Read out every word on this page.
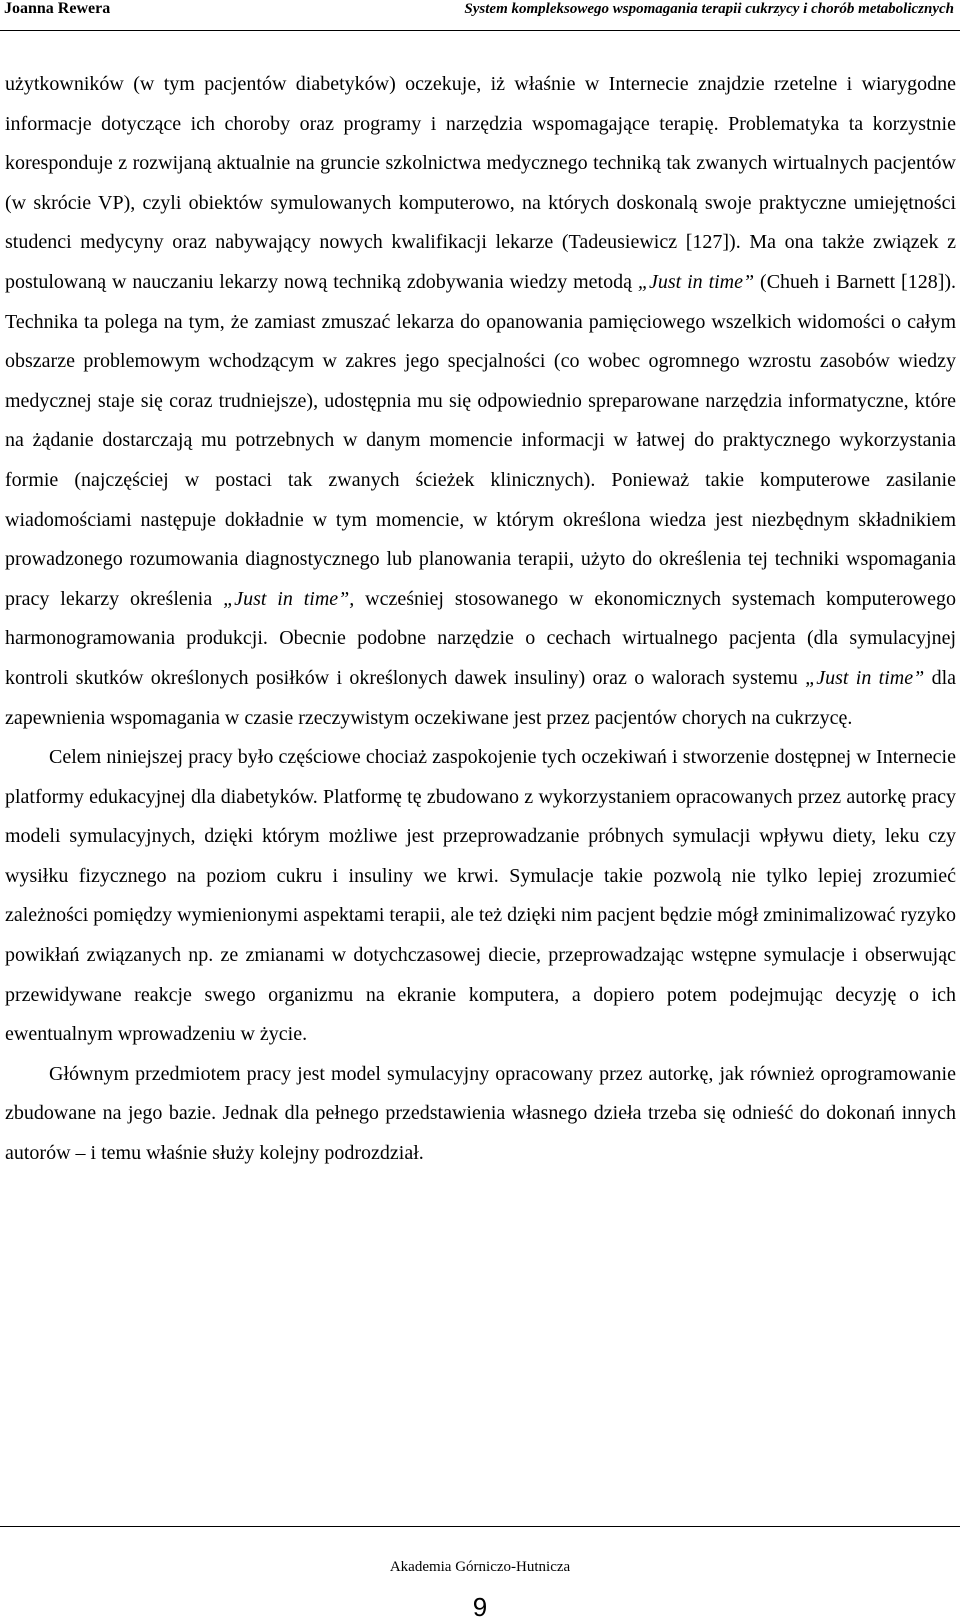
Joanna Rewera	System kompleksowego wspomagania terapii cukrzycy i chorób metabolicznych

użytkowników (w tym pacjentów diabetyków) oczekuje, iż właśnie w Internecie znajdzie rzetelne i wiarygodne informacje dotyczące ich choroby oraz programy i narzędzia wspomagające terapię. Problematyka ta korzystnie koresponduje z rozwijaną aktualnie na gruncie szkolnictwa medycznego techniką tak zwanych wirtualnych pacjentów (w skrócie VP), czyli obiektów symulowanych komputerowo, na których doskonalą swoje praktyczne umiejętności studenci medycyny oraz nabywający nowych kwalifikacji lekarze (Tadeusiewicz [127]). Ma ona także związek z postulowaną w nauczaniu lekarzy nową techniką zdobywania wiedzy metodą „Just in time” (Chueh i Barnett [128]). Technika ta polega na tym, że zamiast zmuszać lekarza do opanowania pamięciowego wszelkich widomości o całym obszarze problemowym wchodzącym w zakres jego specjalności (co wobec ogromnego wzrostu zasobów wiedzy medycznej staje się coraz trudniejsze), udostępnia mu się odpowiednio spreparowane narzędzia informatyczne, które na żądanie dostarczają mu potrzebnych w danym momencie informacji w łatwej do praktycznego wykorzystania formie (najczęściej w postaci tak zwanych ścieżek klinicznych). Ponieważ takie komputerowe zasilanie wiadomościami następuje dokładnie w tym momencie, w którym określona wiedza jest niezbędnym składnikiem prowadzonego rozumowania diagnostycznego lub planowania terapii, użyto do określenia tej techniki wspomagania pracy lekarzy określenia „Just in time”, wcześniej stosowanego w ekonomicznych systemach komputerowego harmonogramowania produkcji. Obecnie podobne narzędzie o cechach wirtualnego pacjenta (dla symulacyjnej kontroli skutków określonych posiłków i określonych dawek insuliny) oraz o walorach systemu „Just in time” dla zapewnienia wspomagania w czasie rzeczywistym oczekiwane jest przez pacjentów chorych na cukrzycę.

Celem niniejszej pracy było częściowe chociaż zaspokojenie tych oczekiwań i stworzenie dostępnej w Internecie platformy edukacyjnej dla diabetyków. Platformę tę zbudowano z wykorzystaniem opracowanych przez autorkę pracy modeli symulacyjnych, dzięki którym możliwe jest przeprowadzanie próbnych symulacji wpływu diety, leku czy wysiłku fizycznego na poziom cukru i insuliny we krwi. Symulacje takie pozwolą nie tylko lepiej zrozumieć zależności pomiędzy wymienionymi aspektami terapii, ale też dzięki nim pacjent będzie mógł zminimalizować ryzyko powikłań związanych np. ze zmianami w dotychczasowej diecie, przeprowadzając wstępne symulacje i obserwując przewidywane reakcje swego organizmu na ekranie komputera, a dopiero potem podejmując decyzję o ich ewentualnym wprowadzeniu w życie.

Głównym przedmiotem pracy jest model symulacyjny opracowany przez autorkę, jak również oprogramowanie zbudowane na jego bazie. Jednak dla pełnego przedstawienia własnego dzieła trzeba się odnieść do dokonań innych autorów – i temu właśnie służy kolejny podrozdział.

Akademia Górniczo-Hutnicza
9
